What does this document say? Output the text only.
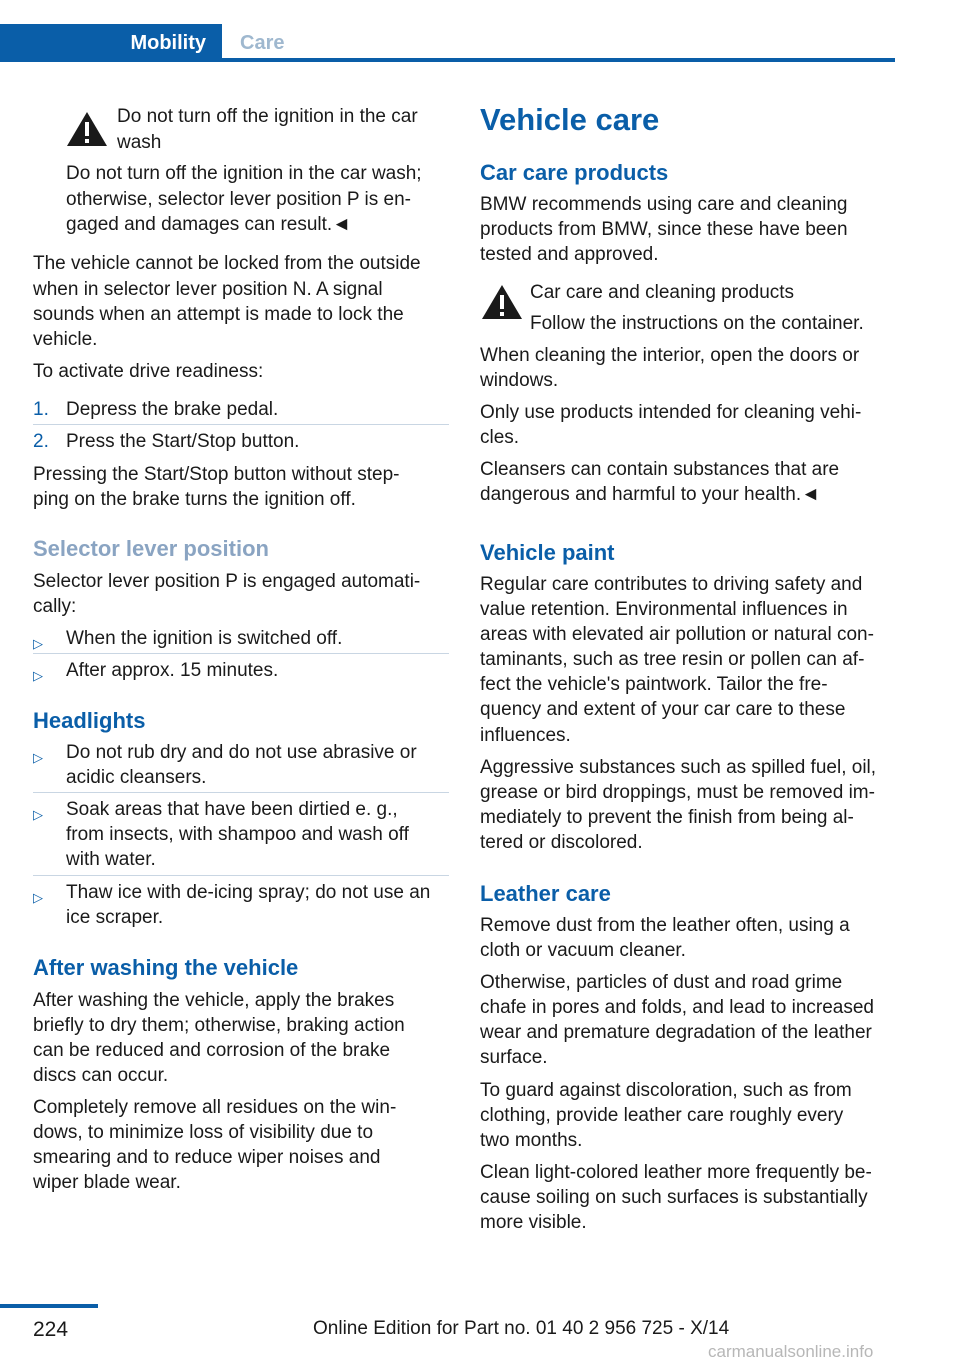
Mobility	Care

Do not turn off the ignition in the car

wash

Do not turn off the ignition in the car wash;

otherwise, selector lever position P is en‐

gaged and damages can result.◄

The vehicle cannot be locked from the outside

when in selector lever position N. A signal

sounds when an attempt is made to lock the

vehicle.

To activate drive readiness:

1. Depress the brake pedal.
2. Press the Start/Stop button.

Pressing the Start/Stop button without step‐

ping on the brake turns the ignition off.

Selector lever position

Selector lever position P is engaged automati‐

cally:

▷ When the ignition is switched off.
▷ After approx. 15 minutes.
Headlights
▷ Do not rub dry and do not use abrasive or
acidic cleansers.
▷ Soak areas that have been dirtied e. g.,
from insects, with shampoo and wash off
with water.
▷ Thaw ice with de-icing spray; do not use an
ice scraper.
After washing the vehicle

After washing the vehicle, apply the brakes

briefly to dry them; otherwise, braking action

can be reduced and corrosion of the brake

discs can occur.

Completely remove all residues on the win‐

dows, to minimize loss of visibility due to

smearing and to reduce wiper noises and

wiper blade wear.

Vehicle care
Car care products

BMW recommends using care and cleaning

products from BMW, since these have been

tested and approved.

Car care and cleaning products

Follow the instructions on the container.

When cleaning the interior, open the doors or

windows.

Only use products intended for cleaning vehi‐

cles.

Cleansers can contain substances that are

dangerous and harmful to your health.◄

Vehicle paint

Regular care contributes to driving safety and

value retention. Environmental influences in

areas with elevated air pollution or natural con‐

taminants, such as tree resin or pollen can af‐

fect the vehicle's paintwork. Tailor the fre‐

quency and extent of your car care to these

influences.

Aggressive substances such as spilled fuel, oil,

grease or bird droppings, must be removed im‐

mediately to prevent the finish from being al‐

tered or discolored.

Leather care

Remove dust from the leather often, using a

cloth or vacuum cleaner.

Otherwise, particles of dust and road grime

chafe in pores and folds, and lead to increased

wear and premature degradation of the leather

surface.

To guard against discoloration, such as from

clothing, provide leather care roughly every

two months.

Clean light-colored leather more frequently be‐

cause soiling on such surfaces is substantially

more visible.

224	Online Edition for Part no. 01 40 2 956 725 - X/14
carmanualsonline.info
